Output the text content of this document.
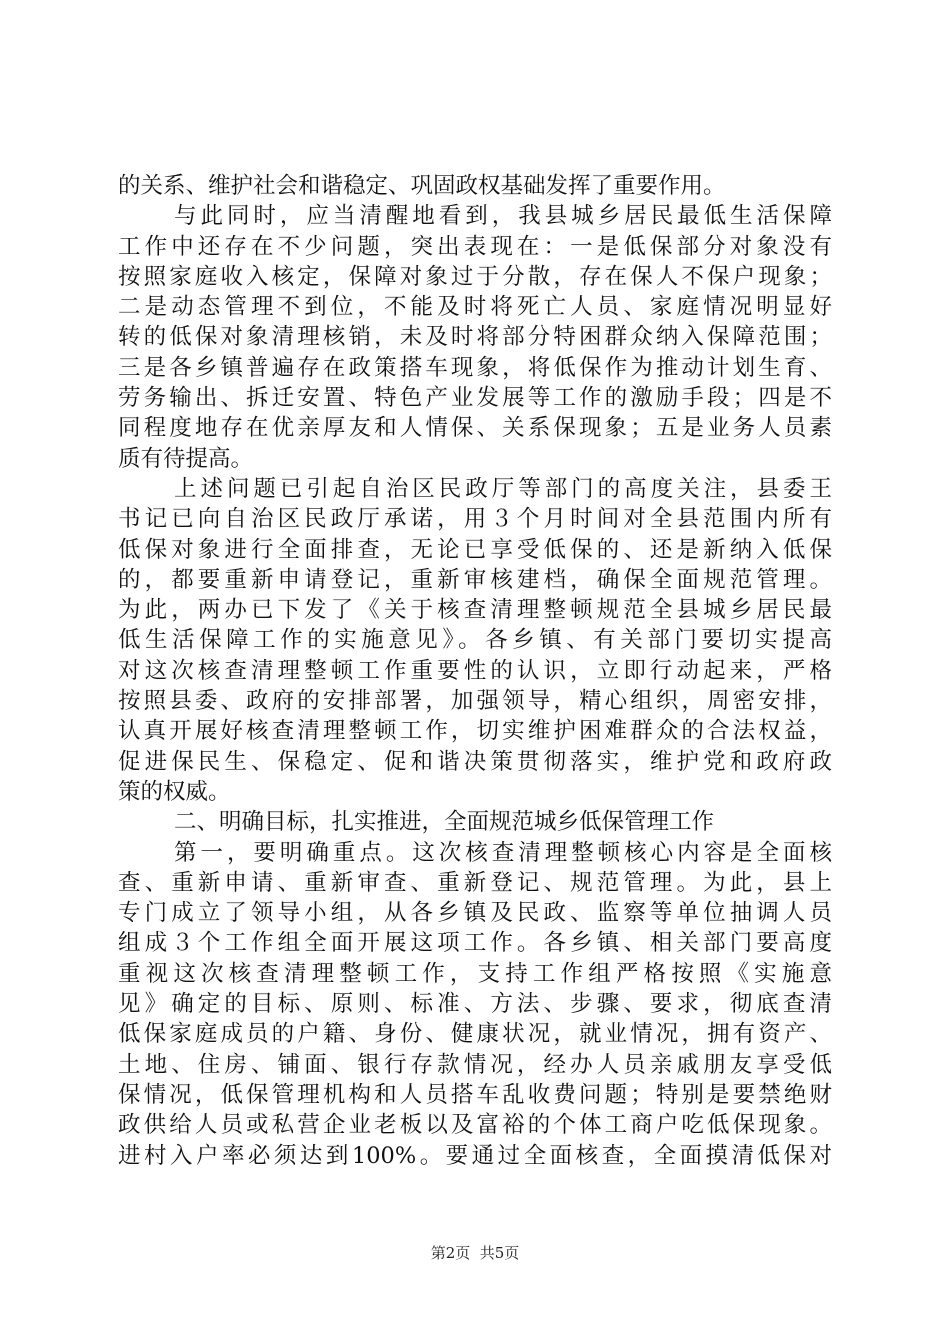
的关系、维护社会和谐稳定、巩固政权基础发挥了重要作用。
与此同时，应当清醒地看到，我县城乡居民最低生活保障
工作中还存在不少问题，突出表现在：一是低保部分对象没有
按照家庭收入核定，保障对象过于分散，存在保人不保户现象；
二是动态管理不到位，不能及时将死亡人员、家庭情况明显好
转的低保对象清理核销，未及时将部分特困群众纳入保障范围；
三是各乡镇普遍存在政策搭车现象，将低保作为推动计划生育、
劳务输出、拆迁安置、特色产业发展等工作的激励手段；四是不
同程度地存在优亲厚友和人情保、关系保现象；五是业务人员素
质有待提高。
上述问题已引起自治区民政厅等部门的高度关注，县委王
书记已向自治区民政厅承诺，用３个月时间对全县范围内所有
低保对象进行全面排查，无论已享受低保的、还是新纳入低保
的，都要重新申请登记，重新审核建档，确保全面规范管理。
为此，两办已下发了《关于核查清理整顿规范全县城乡居民最
低生活保障工作的实施意见》。各乡镇、有关部门要切实提高
对这次核查清理整顿工作重要性的认识，立即行动起来，严格
按照县委、政府的安排部署，加强领导，精心组织，周密安排，
认真开展好核查清理整顿工作，切实维护困难群众的合法权益，
促进保民生、保稳定、促和谐决策贯彻落实，维护党和政府政
策的权威。
二、明确目标，扎实推进，全面规范城乡低保管理工作
第一，要明确重点。这次核查清理整顿核心内容是全面核
查、重新申请、重新审查、重新登记、规范管理。为此，县上
专门成立了领导小组，从各乡镇及民政、监察等单位抽调人员
组成３个工作组全面开展这项工作。各乡镇、相关部门要高度
重视这次核查清理整顿工作，支持工作组严格按照《实施意
见》确定的目标、原则、标准、方法、步骤、要求，彻底查清
低保家庭成员的户籍、身份、健康状况，就业情况，拥有资产、
土地、住房、铺面、银行存款情况，经办人员亲戚朋友享受低
保情况，低保管理机构和人员搭车乱收费问题；特别是要禁绝财
政供给人员或私营企业老板以及富裕的个体工商户吃低保现象。
进村入户率必须达到100%。要通过全面核查，全面摸清低保对
第2页  共5页
